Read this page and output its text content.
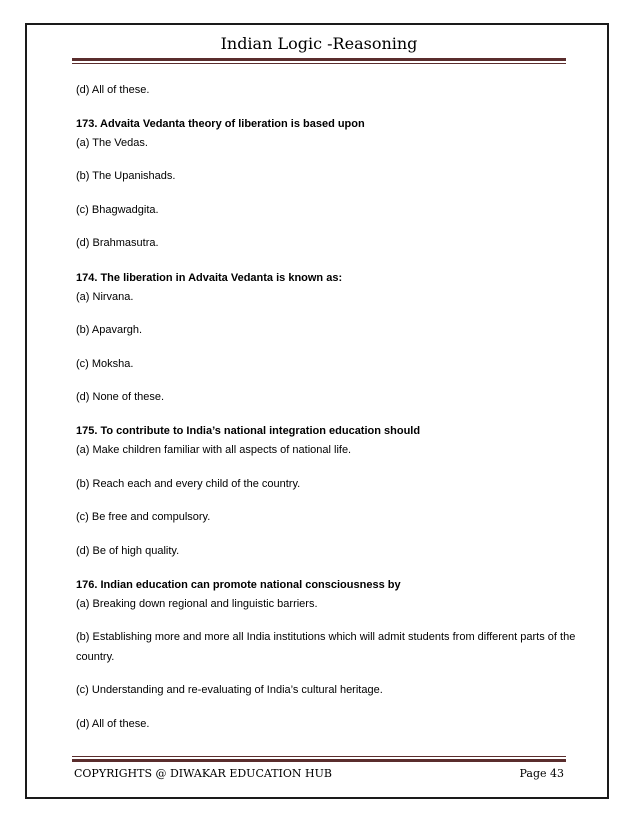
Indian Logic -Reasoning
(d) All of these.
173. Advaita Vedanta theory of liberation is based upon
(a) The Vedas.
(b) The Upanishads.
(c) Bhagwadgita.
(d) Brahmasutra.
174. The liberation in Advaita Vedanta is known as:
(a) Nirvana.
(b) Apavargh.
(c) Moksha.
(d) None of these.
175. To contribute to India’s national integration education should
(a) Make children familiar with all aspects of national life.
(b) Reach each and every child of the country.
(c) Be free and compulsory.
(d) Be of high quality.
176. Indian education can promote national consciousness by
(a) Breaking down regional and linguistic barriers.
(b) Establishing more and more all India institutions which will admit students from different parts of the
country.
(c) Understanding and re-evaluating of India’s cultural heritage.
(d) All of these.
COPYRIGHTS @ DIWAKAR EDUCATION HUB	Page 43
